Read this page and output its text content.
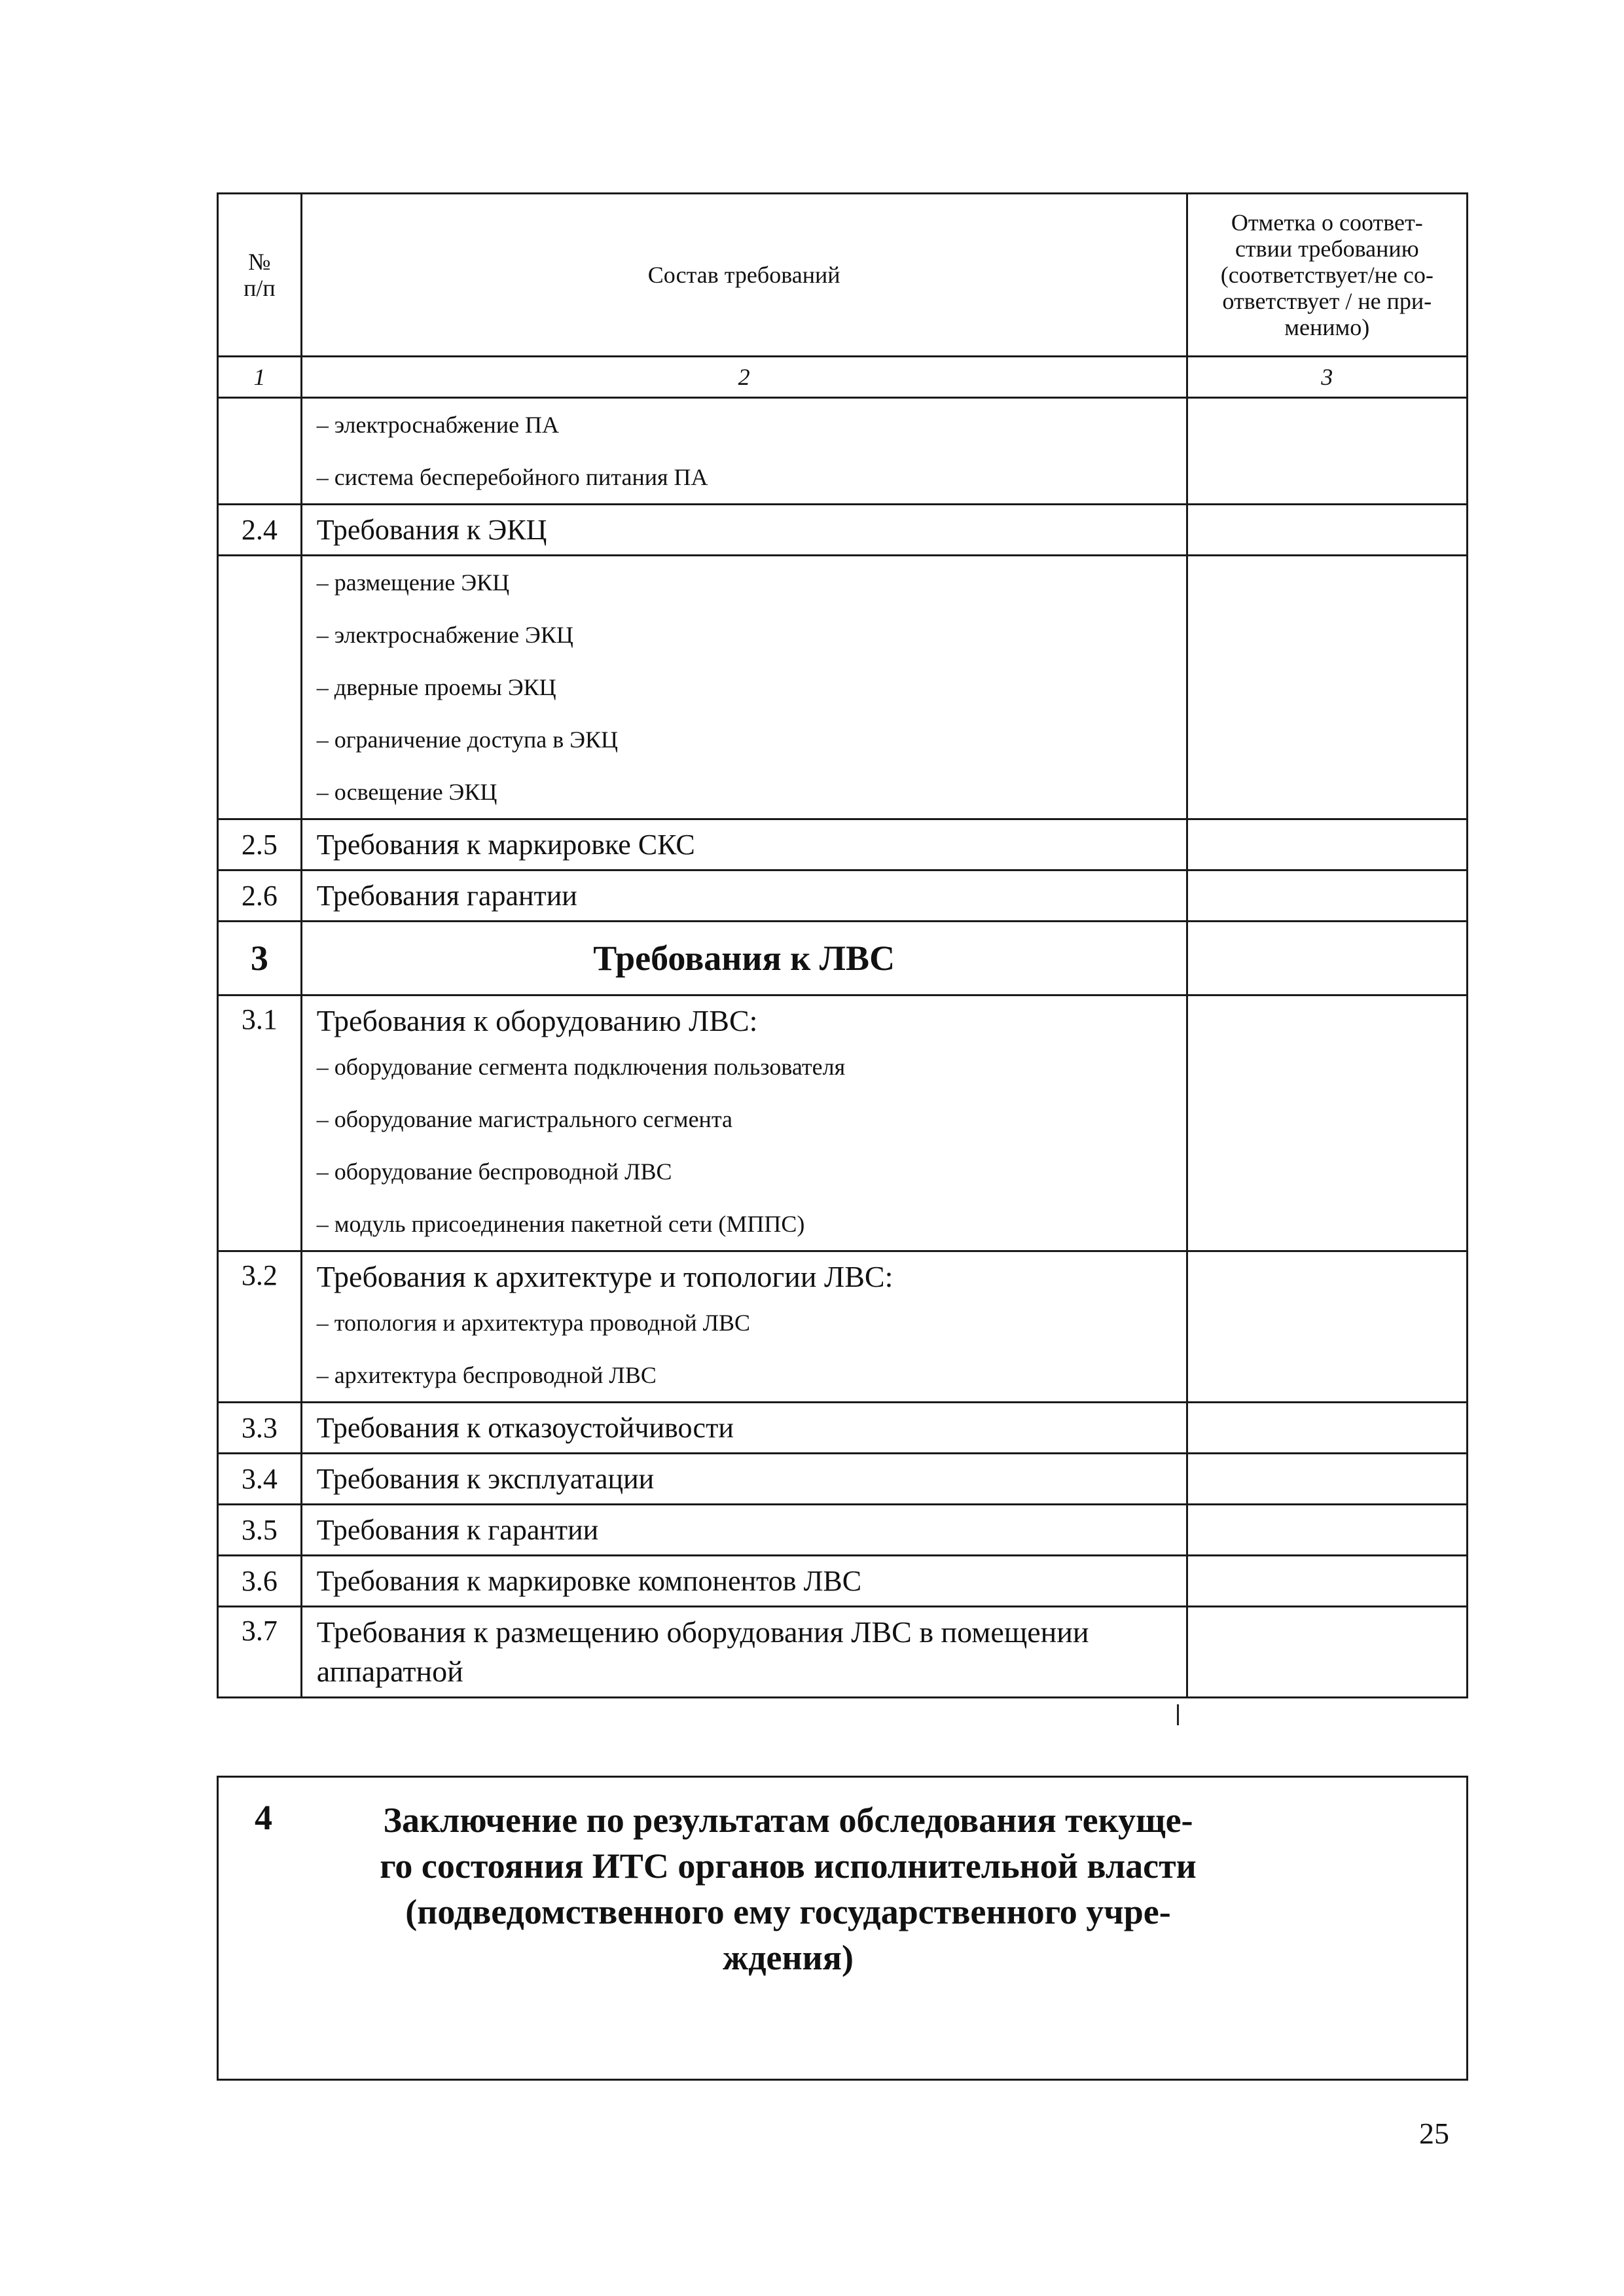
№
п/п	Состав требований	Отметка о соответ-
ствии требованию
(соответствует/не со-
ответствует / не при-
менимо)
1	2	3

	– электроснабжение ПА
– система бесперебойного питания ПА	

2.4	Требования к ЭКЦ	

	– размещение ЭКЦ
– электроснабжение ЭКЦ
– дверные проемы ЭКЦ
– ограничение доступа в ЭКЦ
– освещение ЭКЦ	

2.5	Требования к маркировке СКС	
2.6	Требования гарантии	
3	Требования к ЛВС	
3.1	Требования к оборудованию ЛВС:
– оборудование сегмента подключения пользователя
– оборудование магистрального сегмента
– оборудование беспроводной ЛВС
– модуль присоединения пакетной сети (МППС)	

3.2	Требования к архитектуре и топологии ЛВС:
– топология и архитектура проводной ЛВС
– архитектура беспроводной ЛВС	

3.3	Требования к отказоустойчивости	
3.4	Требования к эксплуатации	
3.5	Требования к гарантии	
3.6	Требования к маркировке компонентов ЛВС	
3.7	Требования к размещению оборудования ЛВС в помещении
аппаратной	

4	Заключение по результатам обследования текуще-
го состояния ИТС органов исполнительной власти
(подведомственного ему государственного учре-
ждения)
25
